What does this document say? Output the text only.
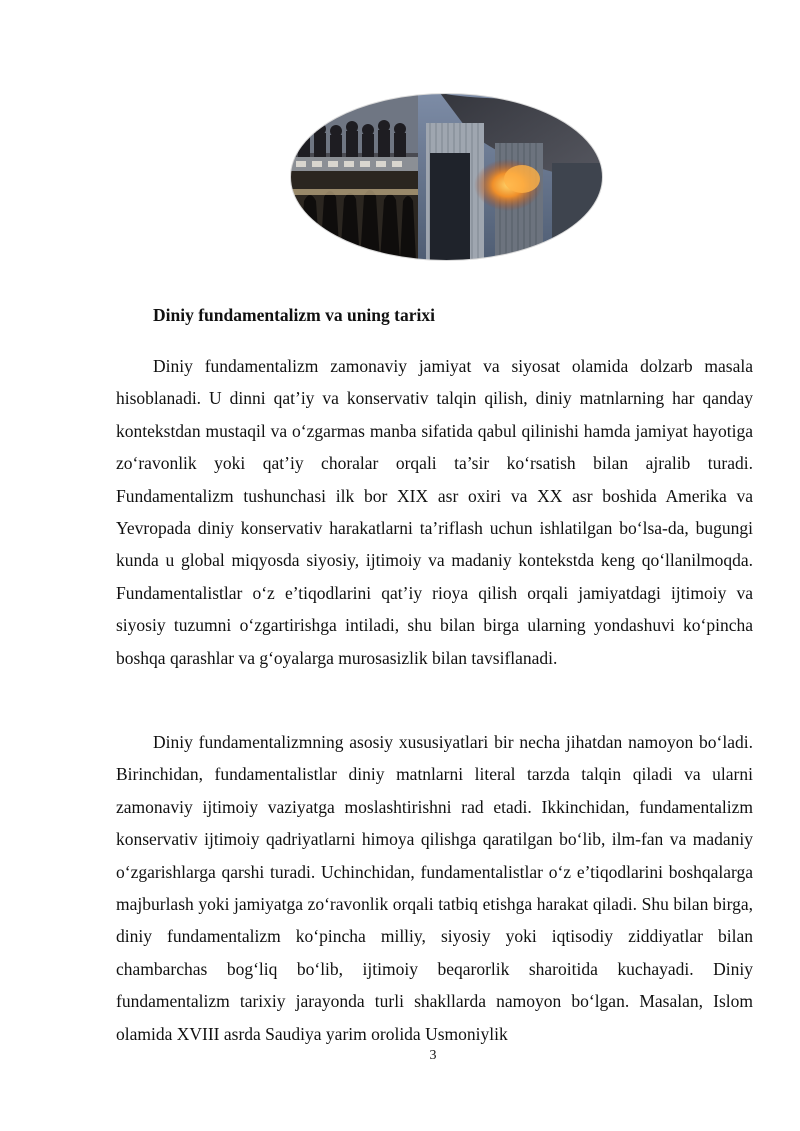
Diniy fundamentalizm va uning tarixi

Diniy fundamentalizm zamonaviy jamiyat va siyosat olamida dolzarb masala hisoblanadi. U dinni qat’iy va konservativ talqin qilish, diniy matnlarning har qanday kontekstdan mustaqil va o‘zgarmas manba sifatida qabul qilinishi hamda jamiyat hayotiga zo‘ravonlik yoki qat’iy choralar orqali ta’sir ko‘rsatish bilan ajralib turadi. Fundamentalizm tushunchasi ilk bor XIX asr oxiri va XX asr boshida Amerika va Yevropada diniy konservativ harakatlarni ta’riflash uchun ishlatilgan bo‘lsa-da, bugungi kunda u global miqyosda siyosiy, ijtimoiy va madaniy kontekstda keng qo‘llanilmoqda. Fundamentalistlar o‘z e’tiqodlarini qat’iy rioya qilish orqali jamiyatdagi ijtimoiy va siyosiy tuzumni o‘zgartirishga intiladi, shu bilan birga ularning yondashuvi ko‘pincha boshqa qarashlar va g‘oyalarga murosasizlik bilan tavsiflanadi.

Diniy fundamentalizmning asosiy xususiyatlari bir necha jihatdan namoyon bo‘ladi. Birinchidan, fundamentalistlar diniy matnlarni literal tarzda talqin qiladi va ularni zamonaviy ijtimoiy vaziyatga moslashtirishni rad etadi. Ikkinchidan, fundamentalizm konservativ ijtimoiy qadriyatlarni himoya qilishga qaratilgan bo‘lib, ilm-fan va madaniy o‘zgarishlarga qarshi turadi. Uchinchidan, fundamentalistlar o‘z e’tiqodlarini boshqalarga majburlash yoki jamiyatga zo‘ravonlik orqali tatbiq etishga harakat qiladi. Shu bilan birga, diniy fundamentalizm ko‘pincha milliy, siyosiy yoki iqtisodiy ziddiyatlar bilan chambarchas bog‘liq bo‘lib, ijtimoiy beqarorlik sharoitida kuchayadi. Diniy fundamentalizm tarixiy jarayonda turli shakllarda namoyon bo‘lgan. Masalan, Islom olamida XVIII asrda Saudiya yarim orolida Usmoniylik

3
